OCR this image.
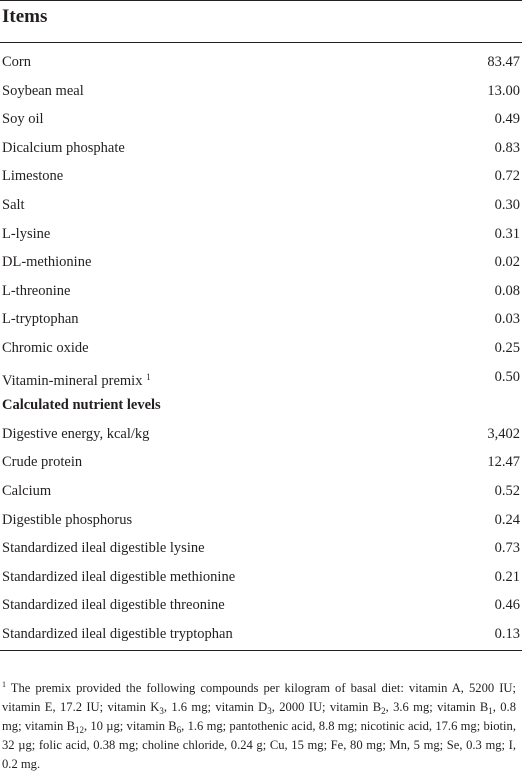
Items
Corn	83.47
Soybean meal	13.00
Soy oil	0.49
Dicalcium phosphate	0.83
Limestone	0.72
Salt	0.30
L-lysine	0.31
DL-methionine	0.02
L-threonine	0.08
L-tryptophan	0.03
Chromic oxide	0.25
Vitamin-mineral premix $^1$	0.50
Calculated nutrient levels
Digestive energy, kcal/kg	3,402
Crude protein	12.47
Calcium	0.52
Digestible phosphorus	0.24
Standardized ileal digestible lysine	0.73
Standardized ileal digestible methionine	0.21
Standardized ileal digestible threonine	0.46
Standardized ileal digestible tryptophan	0.13
$^1$ The premix provided the following compounds per kilogram of basal diet: vitamin A, 5200 IU; vitamin E, 17.2 IU; vitamin $K_3$, 1.6 mg; vitamin $D_3$, 2000 IU; vitamin $B_2$, 3.6 mg; vitamin $B_1$, 0.8 mg; vitamin $B_{12}$, 10 µg; vitamin $B_6$, 1.6 mg; pantothenic acid, 8.8 mg; nicotinic acid, 17.6 mg; biotin, 32 µg; folic acid, 0.38 mg; choline chloride, 0.24 g; Cu, 15 mg; Fe, 80 mg; Mn, 5 mg; Se, 0.3 mg; I, 0.2 mg.
